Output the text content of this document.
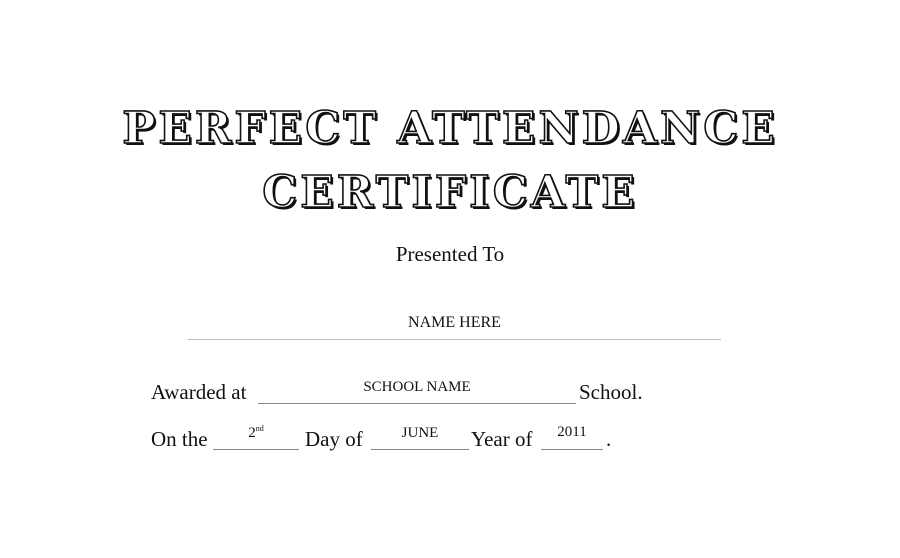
PERFECT ATTENDANCE
CERTIFICATE
Presented To
NAME HERE
Awarded at	SCHOOL NAME	School.
On the	2nd	Day of	JUNE	Year of	2011 .
